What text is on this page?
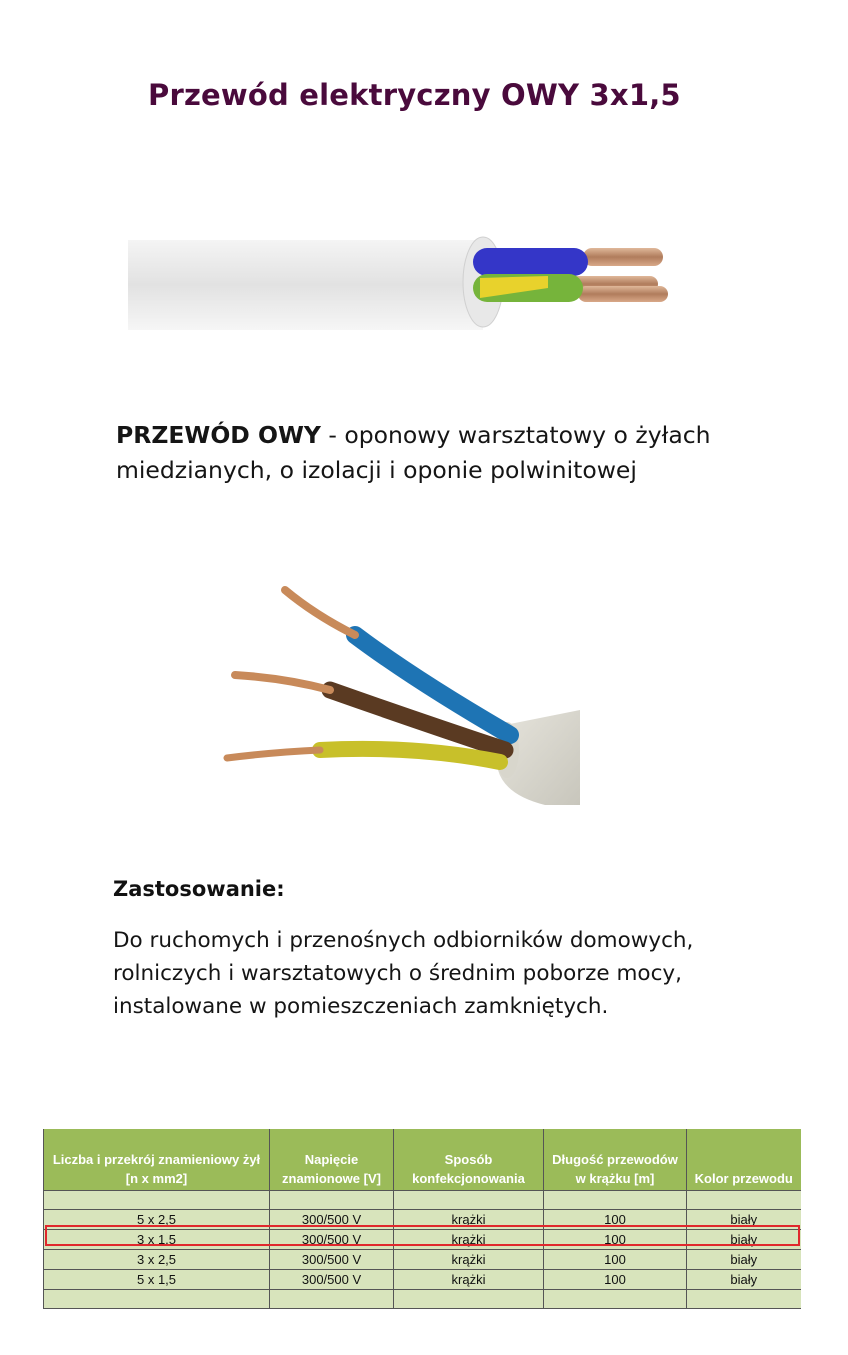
Przewód elektryczny OWY 3x1,5

PRZEWÓD OWY - oponowy warsztatowy o żyłach miedzianych, o izolacji i oponie polwinitowej

Zastosowanie:
Do ruchomych i przenośnych odbiorników domowych, rolniczych i warsztatowych o średnim poborze mocy, instalowane w pomieszczeniach zamkniętych.
Liczba i przekrój znamieniowy żył [n x mm2]	Napięcie znamionowe [V]	Sposób konfekcjonowania	Długość przewodów w krążku [m]	Kolor przewodu

5 x 2,5	300/500 V	krążki	100	biały
3 x 1,5	300/500 V	krążki	100	biały
3 x 2,5	300/500 V	krążki	100	biały
5 x 1,5	300/500 V	krążki	100	biały
